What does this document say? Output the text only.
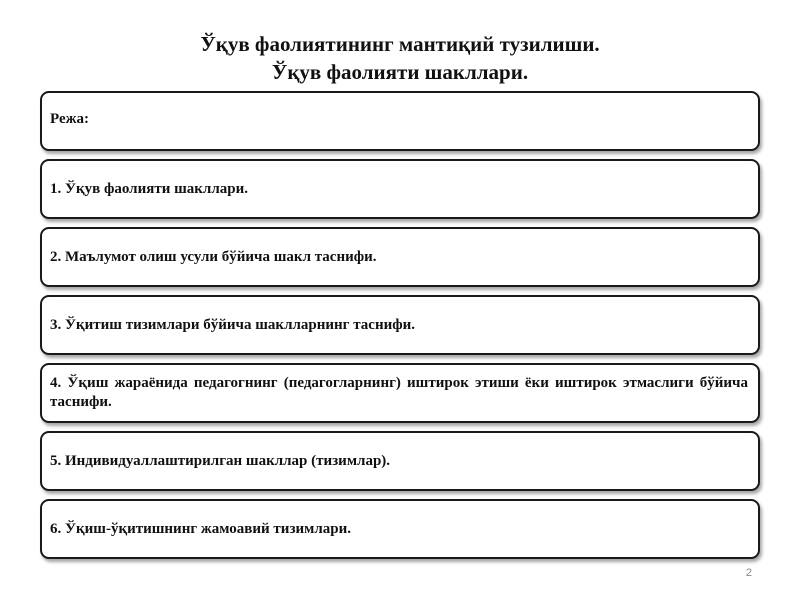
Ўқув фаолиятининг мантиқий тузилиши.
Ўқув фаолияти шакллари.
Режа:
1. Ўқув фаолияти шакллари.
2. Маълумот олиш усули бўйича шакл таснифи.
3. Ўқитиш тизимлари бўйича шаклларнинг таснифи.
4. Ўқиш жараёнида педагогнинг (педагогларнинг) иштирок этиши ёки иштирок этмаслиги бўйича таснифи.
5. Индивидуаллаштирилган шакллар (тизимлар).
6. Ўқиш-ўқитишнинг жамоавий тизимлари.
2
